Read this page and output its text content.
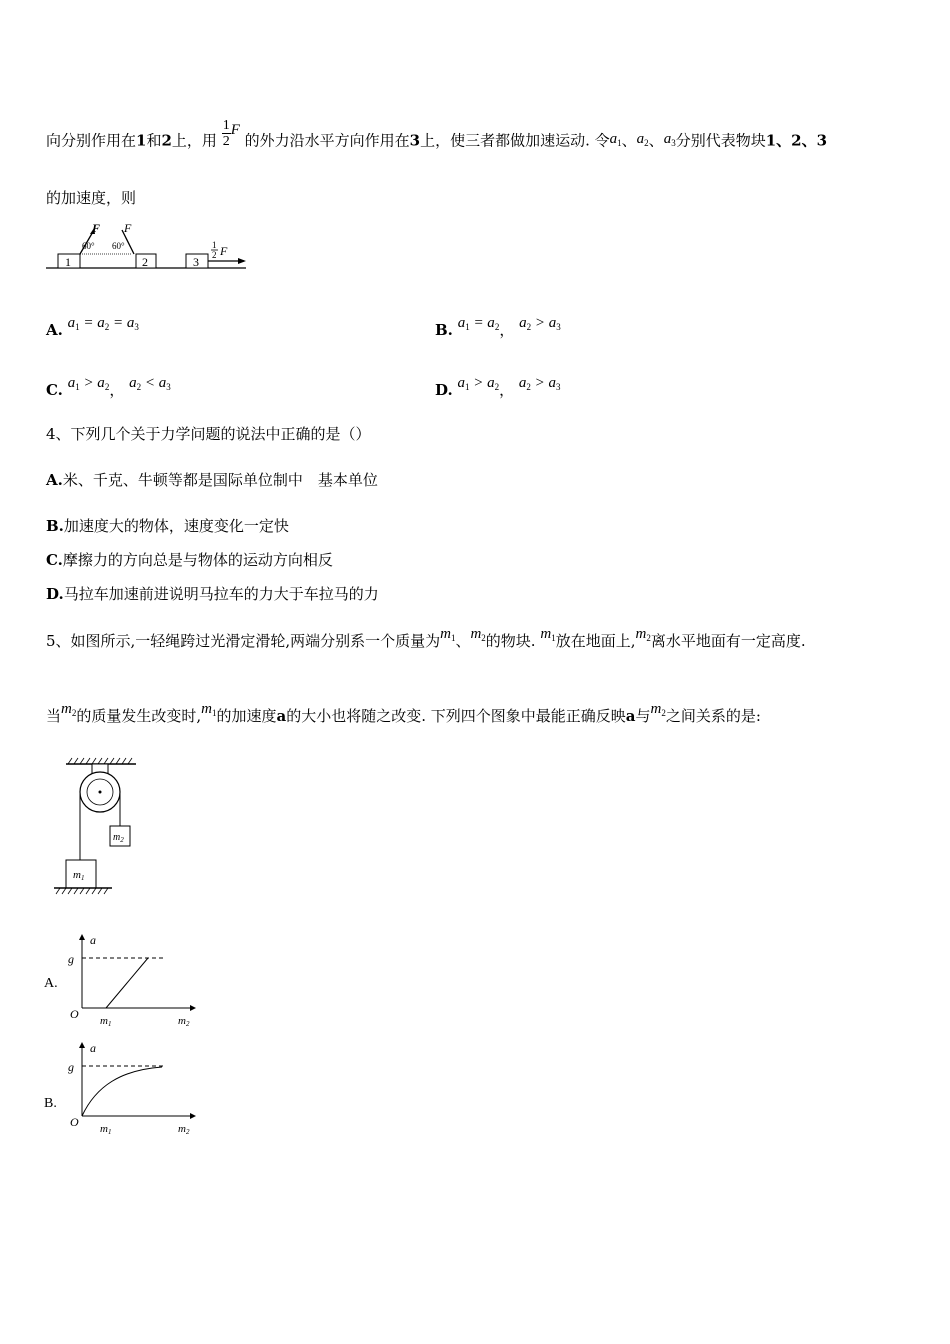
向分别作用在1和2上，用 $\frac{1}{2}$ F 的外力沿水平方向作用在3上，使三者都做加速运动. 令$a_1$、$a_2$、$a_3$分别代表物块1、2、3
的加速度，则
1	2	3
F
60°
F
60°	1
2 F
A. $a_1 = a_2 = a_3$	B. $a_1 = a_2$， $a_2 > a_3$
C. $a_1 > a_2$， $a_2 < a_3$	D. $a_1 > a_2$， $a_2 > a_3$
4、下列几个关于力学问题的说法中正确的是（）
A.米、千克、牛顿等都是国际单位制中　基本单位
B.加速度大的物体，速度变化一定快
C.摩擦力的方向总是与物体的运动方向相反
D.马拉车加速前进说明马拉车的力大于车拉马的力
5、如图所示,一轻绳跨过光滑定滑轮,两端分别系一个质量为$m_1$、$m_2$的物块. $m_1$放在地面上$,m_2$离水平地面有一定高度.
当$m_2$的质量发生改变时$,m_1$的加速度a的大小也将随之改变. 下列四个图象中最能正确反映a与$m_2$之间关系的是:
$m_2$
m1
A.
a
g
O m1	m2
B.
a
g
O m1	m2
